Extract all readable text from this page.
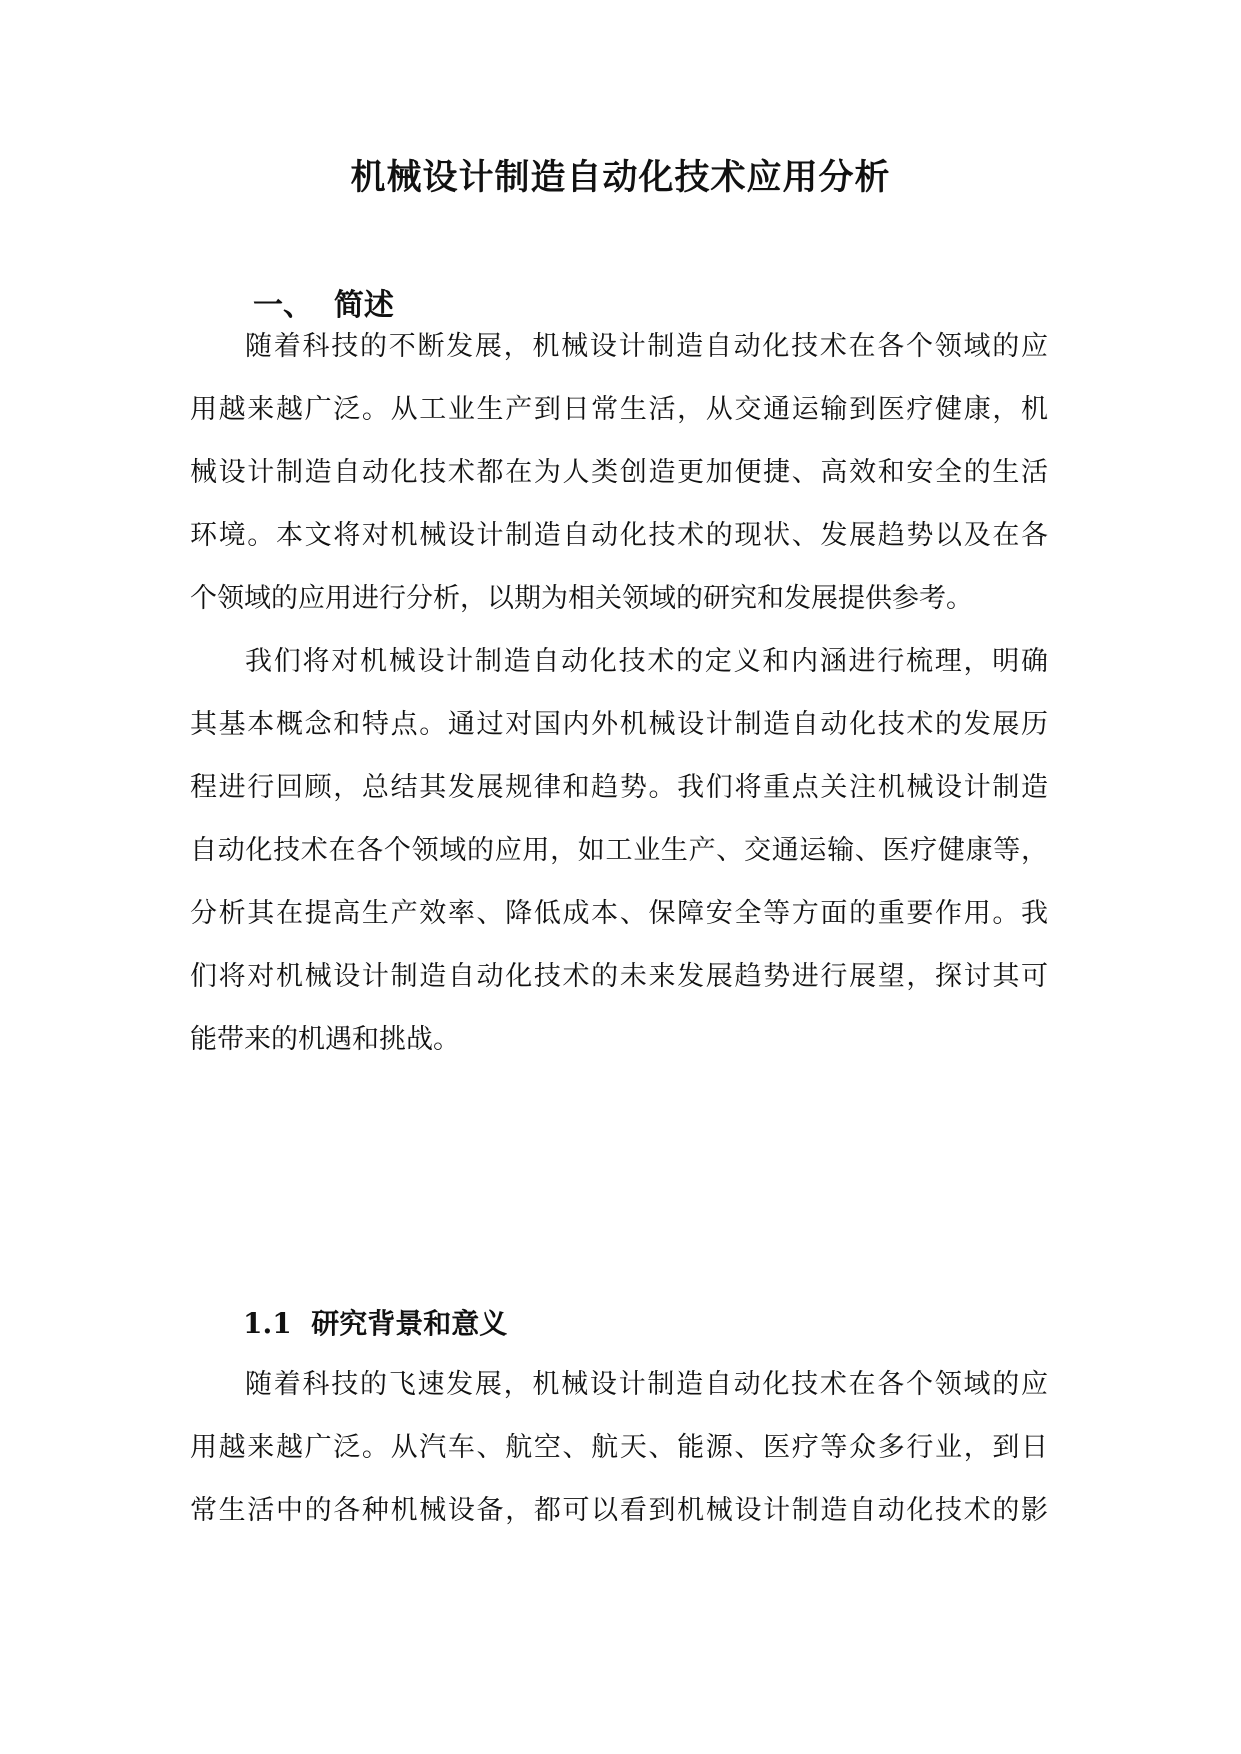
机械设计制造自动化技术应用分析
一、  简述
随着科技的不断发展，机械设计制造自动化技术在各个领域的应
用越来越广泛。从工业生产到日常生活，从交通运输到医疗健康，机
械设计制造自动化技术都在为人类创造更加便捷、高效和安全的生活
环境。本文将对机械设计制造自动化技术的现状、发展趋势以及在各
个领域的应用进行分析，以期为相关领域的研究和发展提供参考。
我们将对机械设计制造自动化技术的定义和内涵进行梳理，明确
其基本概念和特点。通过对国内外机械设计制造自动化技术的发展历
程进行回顾，总结其发展规律和趋势。我们将重点关注机械设计制造
自动化技术在各个领域的应用，如工业生产、交通运输、医疗健康等，
分析其在提高生产效率、降低成本、保障安全等方面的重要作用。我
们将对机械设计制造自动化技术的未来发展趋势进行展望，探讨其可
能带来的机遇和挑战。
1.1  研究背景和意义
随着科技的飞速发展，机械设计制造自动化技术在各个领域的应
用越来越广泛。从汽车、航空、航天、能源、医疗等众多行业，到日
常生活中的各种机械设备，都可以看到机械设计制造自动化技术的影
